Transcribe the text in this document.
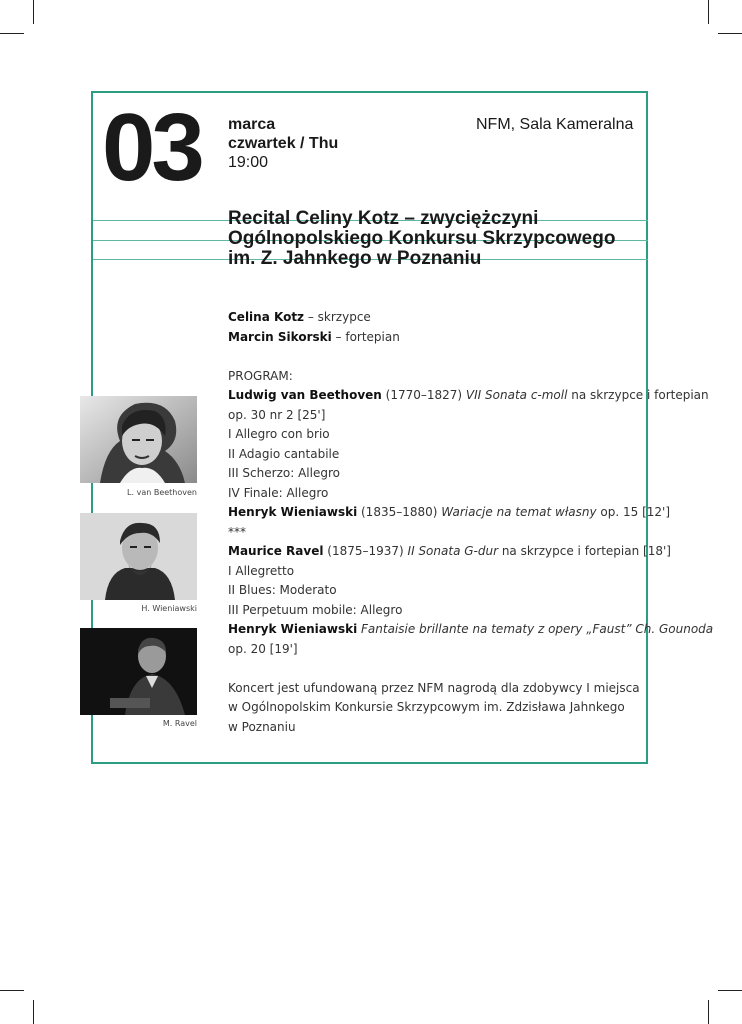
03 marca
czwartek / Thu
19:00
NFM, Sala Kameralna
Recital Celiny Kotz – zwyciężczyni
Ogólnopolskiego Konkursu Skrzypcowego
im. Z. Jahnkego w Poznaniu
Celina Kotz – skrzypce
Marcin Sikorski – fortepian
PROGRAM:
Ludwig van Beethoven (1770–1827) VII Sonata c-moll na skrzypce i fortepian
op. 30 nr 2 [25']
I Allegro con brio
II Adagio cantabile
III Scherzo: Allegro
IV Finale: Allegro
Henryk Wieniawski (1835–1880) Wariacje na temat własny op. 15 [12']
***
Maurice Ravel (1875–1937) II Sonata G-dur na skrzypce i fortepian [18']
I Allegretto
II Blues: Moderato
III Perpetuum mobile: Allegro
Henryk Wieniawski Fantaisie brillante na tematy z opery „Faust” Ch. Gounoda
op. 20 [19']
Koncert jest ufundowaną przez NFM nagrodą dla zdobywcy I miejsca
w Ogólnopolskim Konkursie Skrzypcowym im. Zdzisława Jahnkego
w Poznaniu
L. van Beethoven
H. Wieniawski
M. Ravel
